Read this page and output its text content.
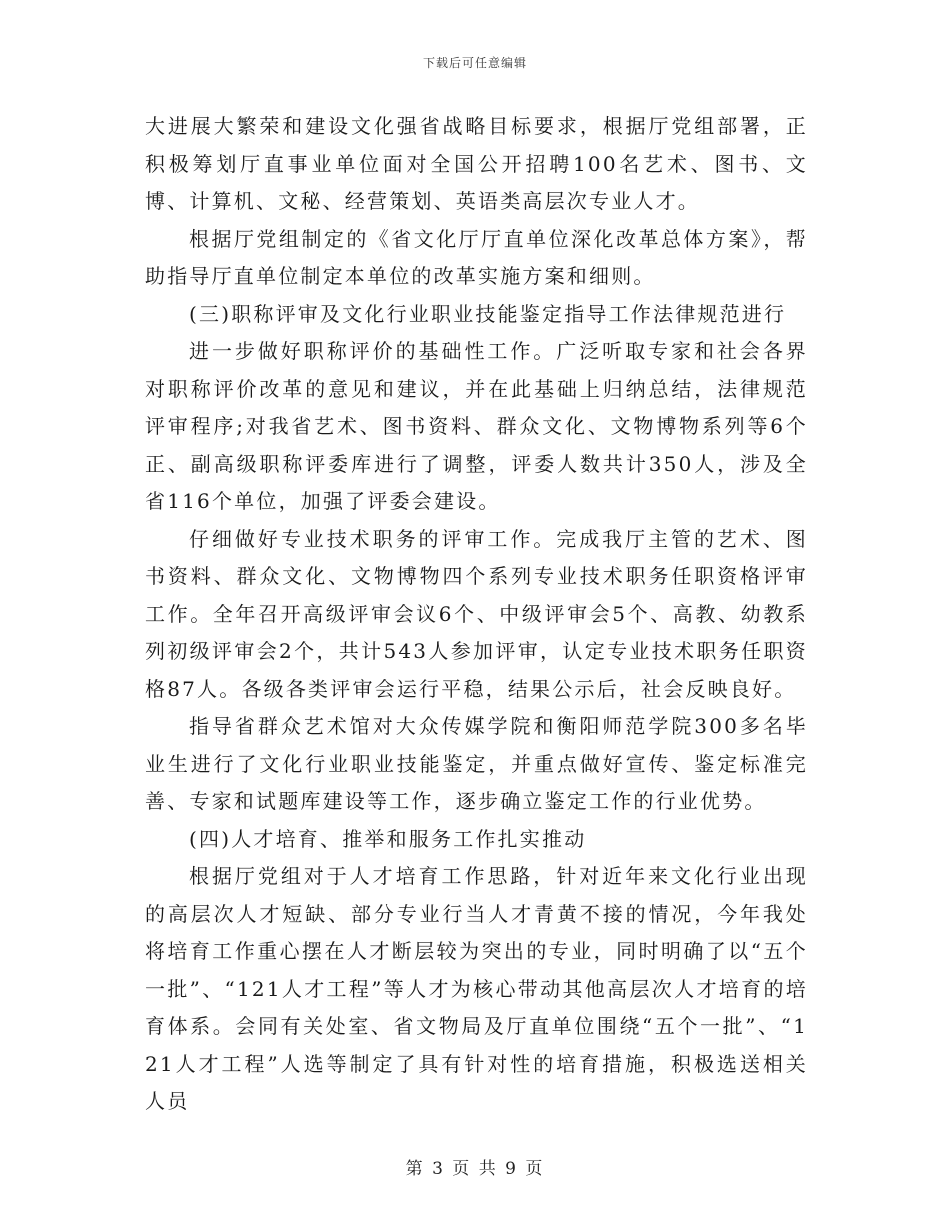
下载后可任意编辑

大进展大繁荣和建设文化强省战略目标要求，根据厅党组部署，正积极筹划厅直事业单位面对全国公开招聘100名艺术、图书、文博、计算机、文秘、经营策划、英语类高层次专业人才。

根据厅党组制定的《省文化厅厅直单位深化改革总体方案》，帮助指导厅直单位制定本单位的改革实施方案和细则。

(三)职称评审及文化行业职业技能鉴定指导工作法律规范进行

进一步做好职称评价的基础性工作。广泛听取专家和社会各界对职称评价改革的意见和建议，并在此基础上归纳总结，法律规范评审程序;对我省艺术、图书资料、群众文化、文物博物系列等6个正、副高级职称评委库进行了调整，评委人数共计350人，涉及全省116个单位，加强了评委会建设。

仔细做好专业技术职务的评审工作。完成我厅主管的艺术、图书资料、群众文化、文物博物四个系列专业技术职务任职资格评审工作。全年召开高级评审会议6个、中级评审会5个、高教、幼教系列初级评审会2个，共计543人参加评审，认定专业技术职务任职资格87人。各级各类评审会运行平稳，结果公示后，社会反映良好。

指导省群众艺术馆对大众传媒学院和衡阳师范学院300多名毕业生进行了文化行业职业技能鉴定，并重点做好宣传、鉴定标准完善、专家和试题库建设等工作，逐步确立鉴定工作的行业优势。

(四)人才培育、推举和服务工作扎实推动

根据厅党组对于人才培育工作思路，针对近年来文化行业出现的高层次人才短缺、部分专业行当人才青黄不接的情况，今年我处将培育工作重心摆在人才断层较为突出的专业，同时明确了以“五个一批”、“121人才工程”等人才为核心带动其他高层次人才培育的培育体系。会同有关处室、省文物局及厅直单位围绕“五个一批”、“121人才工程”人选等制定了具有针对性的培育措施，积极选送相关人员

第 3 页 共 9 页
